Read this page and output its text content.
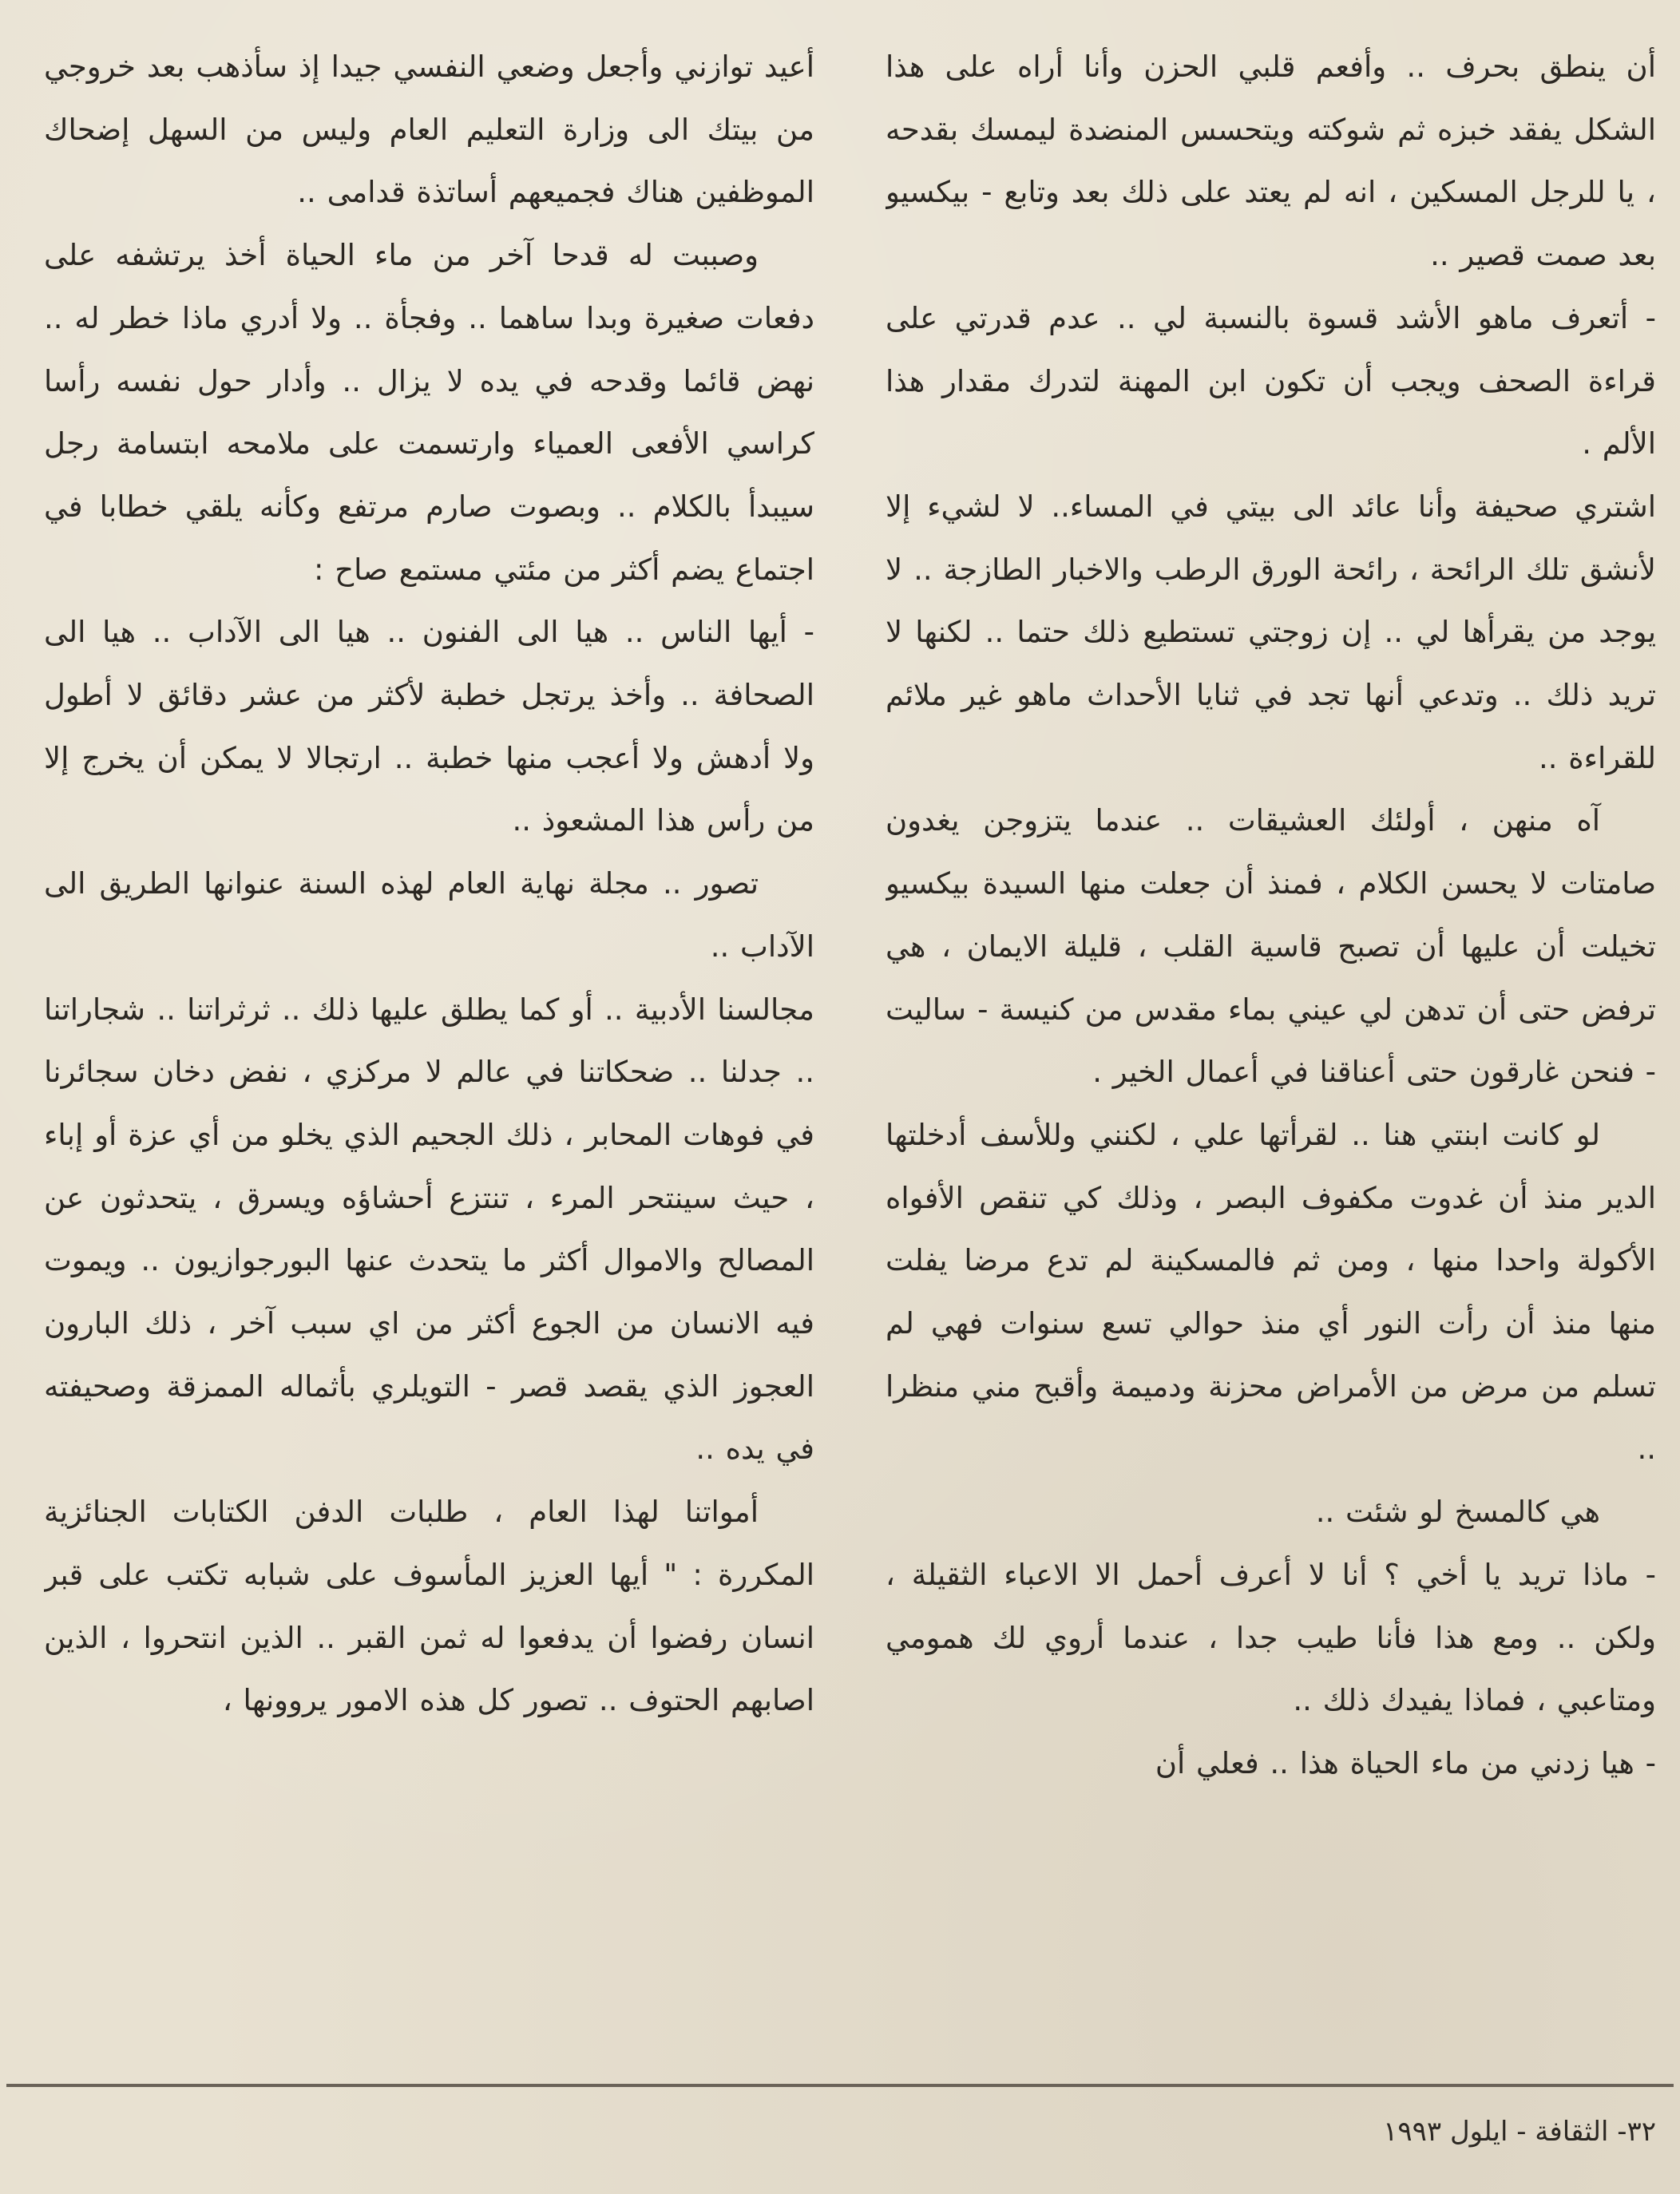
أن ينطق بحرف .. وأفعم قلبي الحزن وأنا أراه على هذا الشكل يفقد خبزه ثم شوكته ويتحسس المنضدة ليمسك بقدحه ، يا للرجل المسكين ، انه لم يعتد على ذلك بعد وتابع - بيكسيو بعد صمت قصير ..

- أتعرف ماهو الأشد قسوة بالنسبة لي .. عدم قدرتي على قراءة الصحف ويجب أن تكون ابن المهنة لتدرك مقدار هذا الألم .

اشتري صحيفة وأنا عائد الى بيتي في المساء.. لا لشيء إلا لأنشق تلك الرائحة ، رائحة الورق الرطب والاخبار الطازجة .. لا يوجد من يقرأها لي .. إن زوجتي تستطيع ذلك حتما .. لكنها لا تريد ذلك .. وتدعي أنها تجد في ثنايا الأحداث ماهو غير ملائم للقراءة ..

آه منهن ، أولئك العشيقات .. عندما يتزوجن يغدون صامتات لا يحسن الكلام ، فمنذ أن جعلت منها السيدة بيكسيو تخيلت أن عليها أن تصبح قاسية القلب ، قليلة الايمان ، هي ترفض حتى أن تدهن لي عيني بماء مقدس من كنيسة - ساليت - فنحن غارقون حتى أعناقنا في أعمال الخير .

لو كانت ابنتي هنا .. لقرأتها علي ، لكنني وللأسف أدخلتها الدير منذ أن غدوت مكفوف البصر ، وذلك كي تنقص الأفواه الأكولة واحدا منها ، ومن ثم فالمسكينة لم تدع مرضا يفلت منها منذ أن رأت النور أي منذ حوالي تسع سنوات فهي لم تسلم من مرض من الأمراض محزنة ودميمة وأقبح مني منظرا ..

هي كالمسخ لو شئت ..

- ماذا تريد يا أخي ؟ أنا لا أعرف أحمل الا الاعباء الثقيلة ، ولكن .. ومع هذا فأنا طيب جدا ، عندما أروي لك همومي ومتاعبي ، فماذا يفيدك ذلك ..

- هيا زدني من ماء الحياة هذا .. فعلي أن

أعيد توازني وأجعل وضعي النفسي جيدا إذ سأذهب بعد خروجي من بيتك الى وزارة التعليم العام وليس من السهل إضحاك الموظفين هناك فجميعهم أساتذة قدامى ..

وصببت له قدحا آخر من ماء الحياة أخذ يرتشفه على دفعات صغيرة وبدا ساهما .. وفجأة .. ولا أدري ماذا خطر له .. نهض قائما وقدحه في يده لا يزال .. وأدار حول نفسه رأسا كراسي الأفعى العمياء وارتسمت على ملامحه ابتسامة رجل سيبدأ بالكلام .. وبصوت صارم مرتفع وكأنه يلقي خطابا في اجتماع يضم أكثر من مئتي مستمع صاح :

- أيها الناس .. هيا الى الفنون .. هيا الى الآداب .. هيا الى الصحافة .. وأخذ يرتجل خطبة لأكثر من عشر دقائق لا أطول ولا أدهش ولا أعجب منها خطبة .. ارتجالا لا يمكن أن يخرج إلا من رأس هذا المشعوذ ..

تصور .. مجلة نهاية العام لهذه السنة عنوانها الطريق الى الآداب ..

مجالسنا الأدبية .. أو كما يطلق عليها ذلك .. ثرثراتنا .. شجاراتنا .. جدلنا .. ضحكاتنا في عالم لا مركزي ، نفض دخان سجائرنا في فوهات المحابر ، ذلك الجحيم الذي يخلو من أي عزة أو إباء ، حيث سينتحر المرء ، تنتزع أحشاؤه ويسرق ، يتحدثون عن المصالح والاموال أكثر ما يتحدث عنها البورجوازيون .. ويموت فيه الانسان من الجوع أكثر من اي سبب آخر ، ذلك البارون العجوز الذي يقصد قصر - التويلري بأثماله الممزقة وصحيفته في يده ..

أمواتنا لهذا العام ، طلبات الدفن الكتابات الجنائزية المكررة : " أيها العزيز المأسوف على شبابه تكتب على قبر انسان رفضوا أن يدفعوا له ثمن القبر .. الذين انتحروا ، الذين اصابهم الحتوف .. تصور كل هذه الامور يروونها ،

٣٢- الثقافة - ايلول ١٩٩٣
